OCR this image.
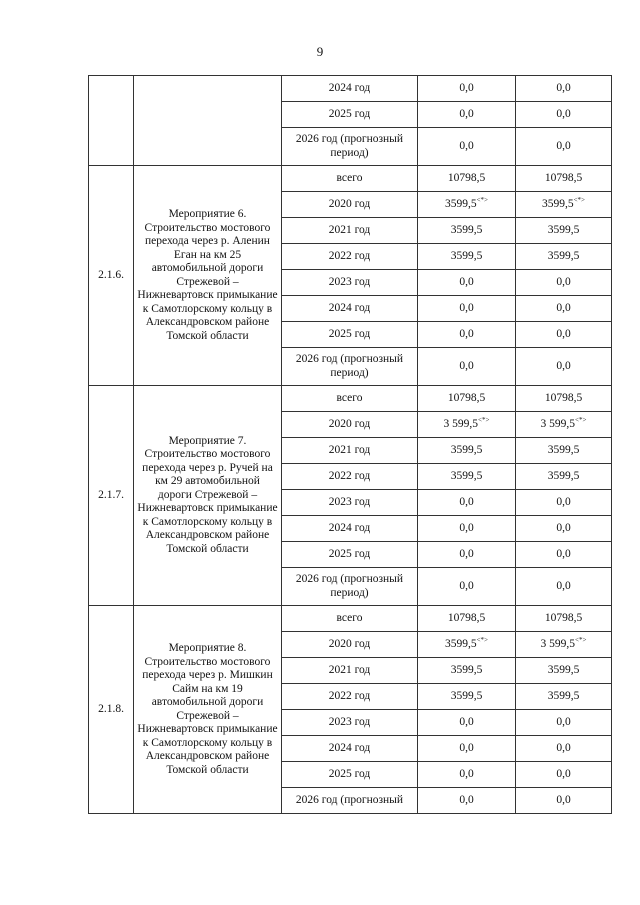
9
		2024 год	0,0	0,0
		2025 год	0,0	0,0
		2026 год (прогнозный период)	0,0	0,0
2.1.6.	Мероприятие 6. Строительство мостового перехода через р. Аленин Еган на км 25 автомобильной дороги Стрежевой – Нижневартовск примыкание к Самотлорскому кольцу в Александровском районе Томской области	всего	10798,5	10798,5
		2020 год	3599,5<*>	3599,5<*>
		2021 год	3599,5	3599,5
		2022 год	3599,5	3599,5
		2023 год	0,0	0,0
		2024 год	0,0	0,0
		2025 год	0,0	0,0
		2026 год (прогнозный период)	0,0	0,0
2.1.7.	Мероприятие 7. Строительство мостового перехода через р. Ручей на км 29 автомобильной дороги Стрежевой – Нижневартовск примыкание к Самотлорскому кольцу в Александровском районе Томской области	всего	10798,5	10798,5
		2020 год	3 599,5<*>	3 599,5<*>
		2021 год	3599,5	3599,5
		2022 год	3599,5	3599,5
		2023 год	0,0	0,0
		2024 год	0,0	0,0
		2025 год	0,0	0,0
		2026 год (прогнозный период)	0,0	0,0
2.1.8.	Мероприятие 8. Строительство мостового перехода через р. Мишкин Сайм на км 19 автомобильной дороги Стрежевой – Нижневартовск примыкание к Самотлорскому кольцу в Александровском районе Томской области	всего	10798,5	10798,5
		2020 год	3599,5<*>	3 599,5<*>
		2021 год	3599,5	3599,5
		2022 год	3599,5	3599,5
		2023 год	0,0	0,0
		2024 год	0,0	0,0
		2025 год	0,0	0,0
		2026 год (прогнозный	0,0	0,0
